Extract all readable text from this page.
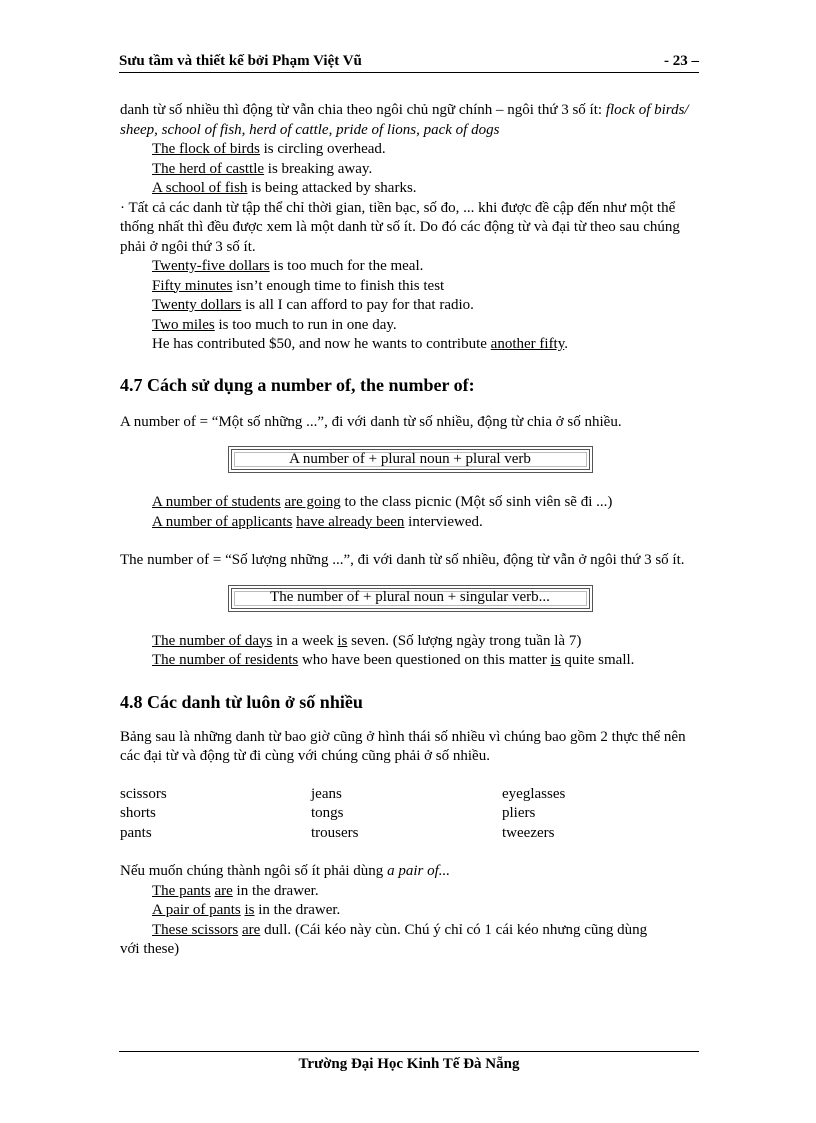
Sưu tầm và thiết kế bởi Phạm Việt Vũ	- 23 –

danh từ số nhiều thì động từ vẫn chia theo ngôi chủ ngữ chính – ngôi thứ 3 số ít: flock of birds/ sheep, school of fish, herd of cattle, pride of lions, pack of dogs

The flock of birds is circling overhead.

The herd of casttle is breaking away.

A school of fish is being attacked by sharks.

· Tất cả các danh từ tập thể chỉ thời gian, tiền bạc, số đo, ... khi được đề cập đến như một thể thống nhất thì đều được xem là một danh từ số ít. Do đó các động từ và đại từ theo sau chúng phải ở ngôi thứ 3 số ít.

Twenty-five dollars is too much for the meal.

Fifty minutes isn’t enough time to finish this test

Twenty dollars is all I can afford to pay for that radio.

Two miles is too much to run in one day.

He has contributed $50, and now he wants to contribute another fifty.

4.7 Cách sử dụng a number of, the number of:

A number of = “Một số những ...”, đi với danh từ số nhiều, động từ chia ở số nhiều.

A number of + plural noun + plural verb

A number of students are going to the class picnic (Một số sinh viên sẽ đi ...)

A number of applicants have already been interviewed.

The number of = “Số lượng những ...”, đi với danh từ số nhiều, động từ vẫn ở ngôi thứ 3 số ít.

The number of + plural noun + singular verb...

The number of days in a week is seven. (Số lượng ngày trong tuần là 7)

The number of residents who have been questioned on this matter is quite small.

4.8 Các danh từ luôn ở số nhiều

Bảng sau là những danh từ bao giờ cũng ở hình thái số nhiều vì chúng bao gồm 2 thực thể nên các đại từ và động từ đi cùng với chúng cũng phải ở số nhiều.

scissors	jeans	eyeglasses
shorts	tongs	pliers
pants	trousers	tweezers

Nếu muốn chúng thành ngôi số ít phải dùng a pair of...

The pants are in the drawer.

A pair of pants is in the drawer.

These scissors are dull. (Cái kéo này cùn. Chú ý chỉ có 1 cái kéo nhưng cũng dùng

với these)

Trường Đại Học Kinh Tế Đà Nẵng
